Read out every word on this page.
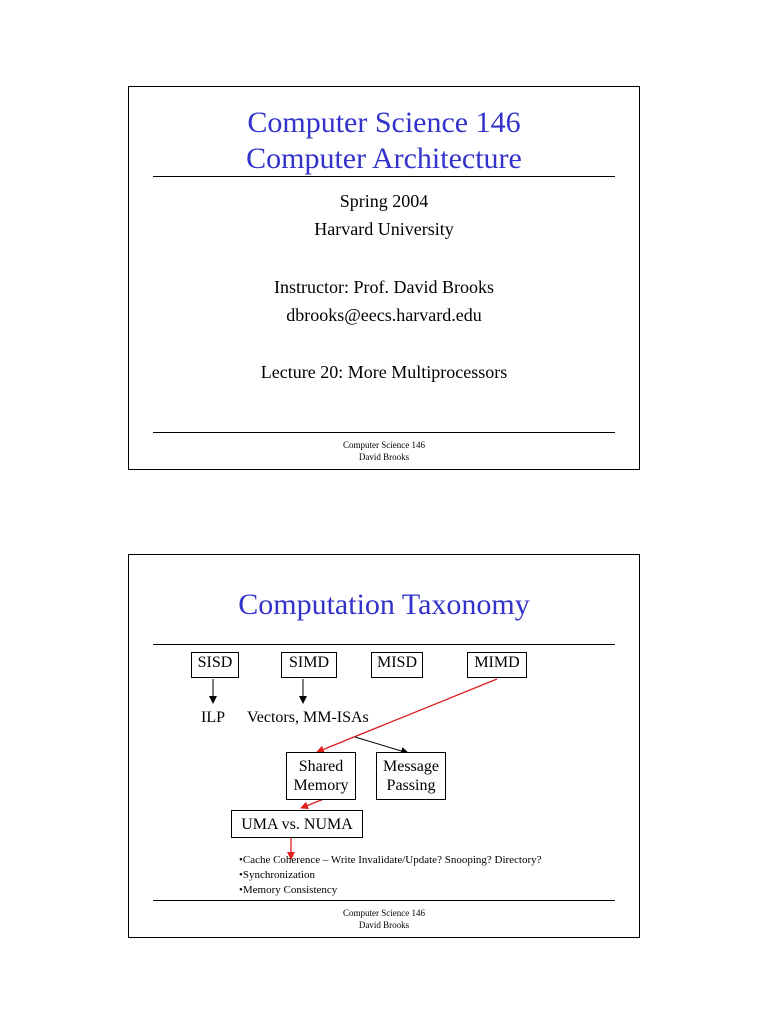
Computer Science 146
Computer Architecture
Spring 2004
Harvard University
Instructor: Prof. David Brooks
dbrooks@eecs.harvard.edu
Lecture 20: More Multiprocessors
Computer Science 146
David Brooks
Computation Taxonomy
SISD	SIMD	MISD	MIMD
ILP Vectors, MM-ISAs
Shared
Memory
Message
Passing
UMA vs. NUMA
•Cache Coherence – Write Invalidate/Update? Snooping? Directory?
•Synchronization
•Memory Consistency
Computer Science 146
David Brooks
